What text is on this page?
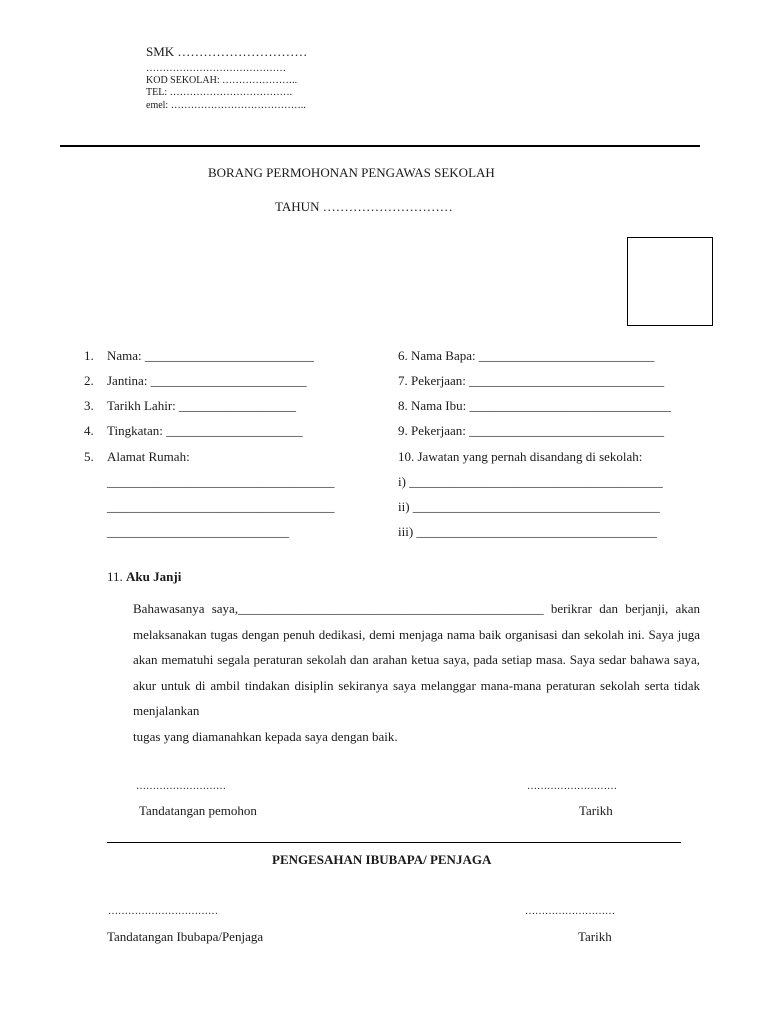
SMK …………………………
……………………………………
KOD SEKOLAH: …………………..
TEL: ……………………………….
emel: …………………………………..
BORANG PERMOHONAN PENGAWAS SEKOLAH
TAHUN …………………………
1. Nama: __________________________
2. Jantina: ________________________
3. Tarikh Lahir: __________________
4. Tingkatan: _____________________
5. Alamat Rumah:
___________________________________
___________________________________
____________________________
6. Nama Bapa: ___________________________
7. Pekerjaan: ______________________________
8. Nama Ibu: _______________________________
9. Pekerjaan: ______________________________
10. Jawatan yang pernah disandang di sekolah:
i) _______________________________________
ii) ______________________________________
iii) _____________________________________
11. Aku Janji
Bahawasanya saya,_______________________________________________ berikrar dan berjanji, akan melaksanakan tugas dengan penuh dedikasi, demi menjaga nama baik organisasi dan sekolah ini. Saya juga akan mematuhi segala peraturan sekolah dan arahan ketua saya, pada setiap masa. Saya sedar bahawa saya, akur untuk di ambil tindakan disiplin sekiranya saya melanggar mana-mana peraturan sekolah serta tidak menjalankan
tugas yang diamanahkan kepada saya dengan baik.
………………………	………………………
Tandatangan pemohon	Tarikh
PENGESAHAN IBUBAPA/ PENJAGA
……………………………	………………………
Tandatangan Ibubapa/Penjaga	Tarikh
